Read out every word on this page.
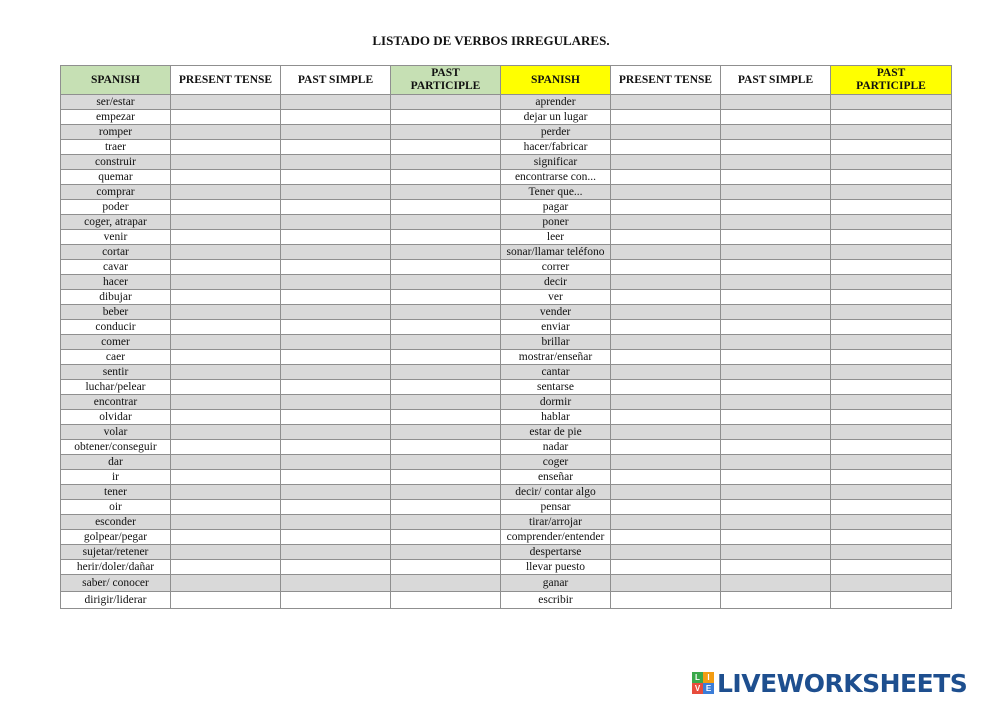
LISTADO DE VERBOS IRREGULARES.
SPANISH	PRESENT TENSE	PAST SIMPLE	PAST
PARTICIPLE	SPANISH	PRESENT TENSE	PAST SIMPLE	PAST
PARTICIPLE
ser/estar				aprender			
empezar				dejar un lugar			
romper				perder			
traer				hacer/fabricar			
construir				significar			
quemar				encontrarse con...			
comprar				Tener que...			
poder				pagar			
coger, atrapar				poner			
venir				leer			
cortar				sonar/llamar teléfono			
cavar				correr			
hacer				decir			
dibujar				ver			
beber				vender			
conducir				enviar			
comer				brillar			
caer				mostrar/enseñar			
sentir				cantar			
luchar/pelear				sentarse			
encontrar				dormir			
olvidar				hablar			
volar				estar de pie			
obtener/conseguir				nadar			
dar				coger			
ir				enseñar			
tener				decir/ contar algo			
oir				pensar			
esconder				tirar/arrojar			
golpear/pegar				comprender/entender			
sujetar/retener				despertarse			
herir/doler/dañar				llevar puesto			
saber/ conocer				ganar			
dirigir/liderar				escribir			
L I
V E LIVEWORKSHEETS
